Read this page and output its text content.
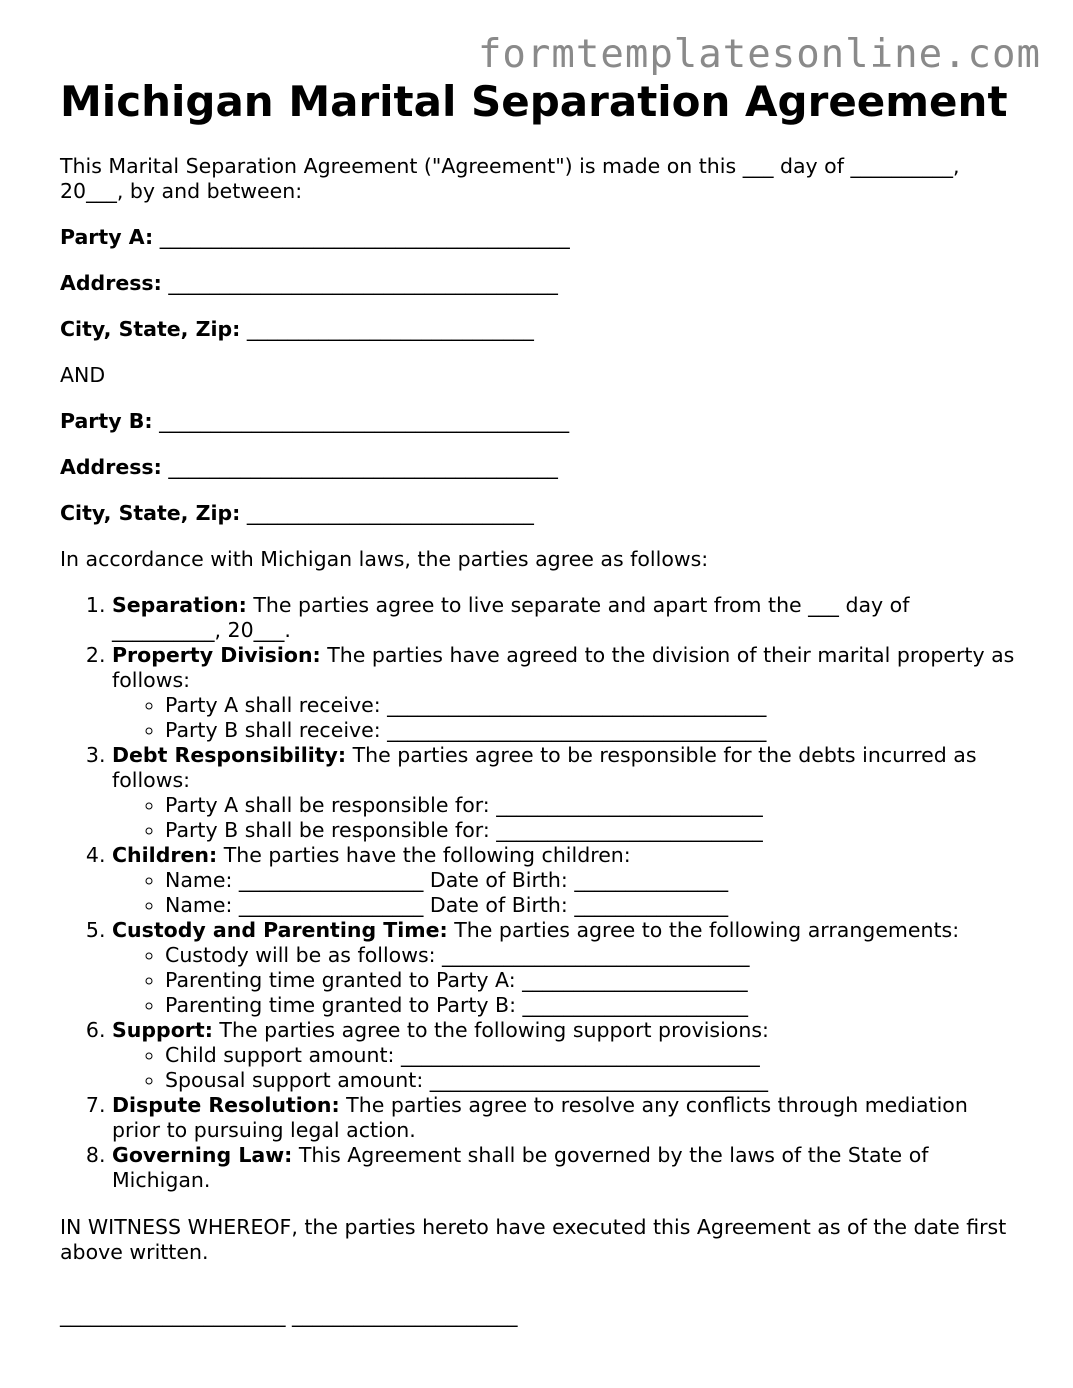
formtemplatesonline.com
Michigan Marital Separation Agreement

This Marital Separation Agreement ("Agreement") is made on this ___ day of __________, 20___, by and between:

Party A: ________________________________________

Address: ______________________________________

City, State, Zip: ____________________________

AND

Party B: ________________________________________

Address: ______________________________________

City, State, Zip: ____________________________

In accordance with Michigan laws, the parties agree as follows:

1. Separation: The parties agree to live separate and apart from the ___ day of __________, 20___.
2. Property Division: The parties have agreed to the division of their marital property as follows:
◦ Party A shall receive: _____________________________________
◦ Party B shall receive: _____________________________________
3. Debt Responsibility: The parties agree to be responsible for the debts incurred as follows:
◦ Party A shall be responsible for: __________________________
◦ Party B shall be responsible for: __________________________
4. Children: The parties have the following children:
◦ Name: __________________ Date of Birth: _______________
◦ Name: __________________ Date of Birth: _______________
5. Custody and Parenting Time: The parties agree to the following arrangements:
◦ Custody will be as follows: ______________________________
◦ Parenting time granted to Party A: ______________________
◦ Parenting time granted to Party B: ______________________
6. Support: The parties agree to the following support provisions:
◦ Child support amount: ___________________________________
◦ Spousal support amount: _________________________________
7. Dispute Resolution: The parties agree to resolve any conflicts through mediation prior to pursuing legal action.
8. Governing Law: This Agreement shall be governed by the laws of the State of Michigan.

IN WITNESS WHEREOF, the parties hereto have executed this Agreement as of the date first above written.

______________________ ______________________
